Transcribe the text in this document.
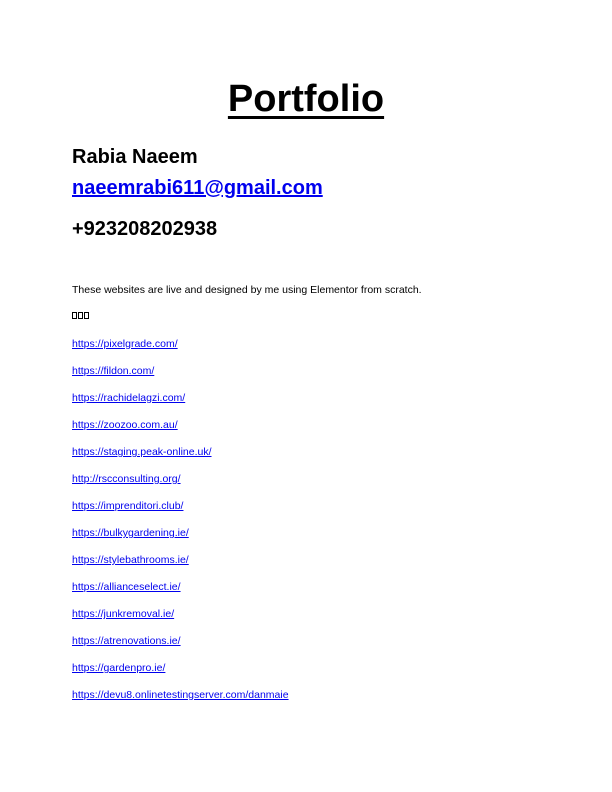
Portfolio
Rabia Naeem
naeemrabi611@gmail.com
+923208202938
These websites are live and designed by me using Elementor from scratch.
https://pixelgrade.com/
https://fildon.com/
https://rachidelagzi.com/
https://zoozoo.com.au/
https://staging.peak-online.uk/
http://rscconsulting.org/
https://imprenditori.club/
https://bulkygardening.ie/
https://stylebathrooms.ie/
https://allianceselect.ie/
https://junkremoval.ie/
https://atrenovations.ie/
https://gardenpro.ie/
https://devu8.onlinetestingserver.com/danmaie
